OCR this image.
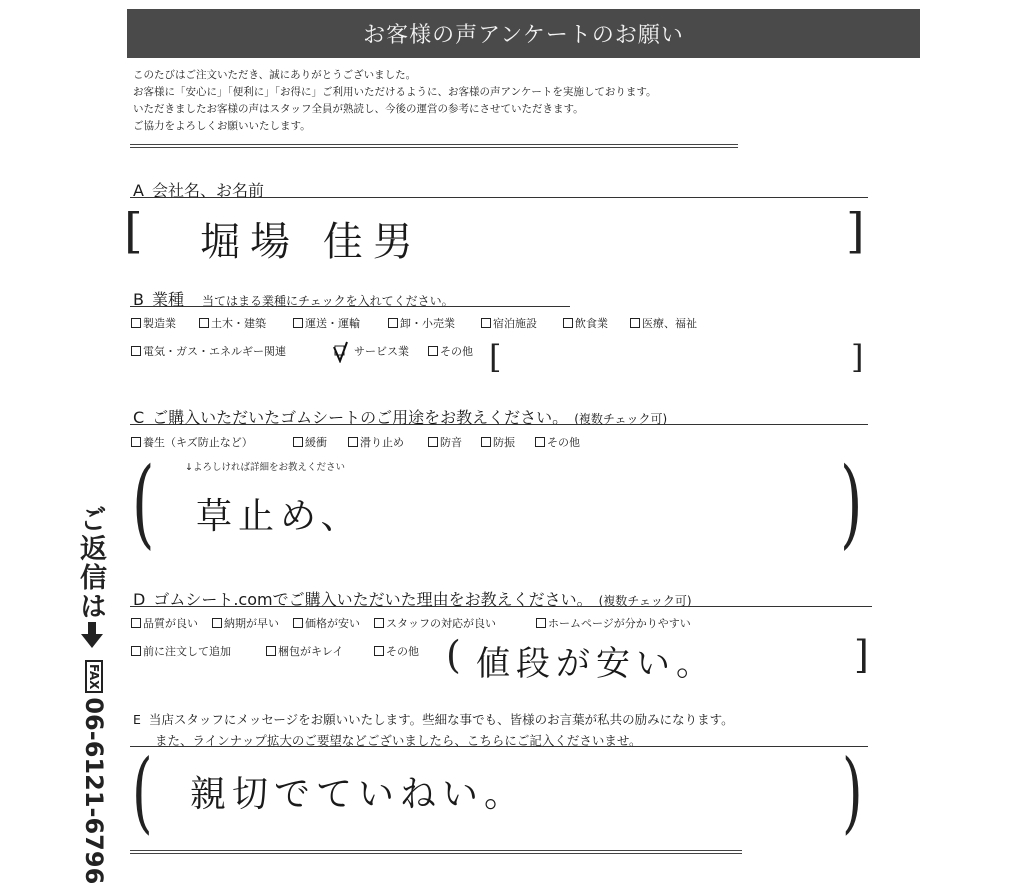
お客様の声アンケートのお願い
このたびはご注文いただき、誠にありがとうございました。
お客様に「安心に」「便利に」「お得に」ご利用いただけるように、お客様の声アンケートを実施しております。
いただきましたお客様の声はスタッフ全員が熟読し、今後の運営の参考にさせていただきます。
ご協力をよろしくお願いいたします。
A 会社名、お名前
[	]
堀場 佳男
B 業種 当てはまる業種にチェックを入れてください。
製造業	土木・建築	運送・運輸	卸・小売業	宿泊施設	飲食業	医療、福祉
電気・ガス・エネルギー関連	サービス業	その他 [	]
C ご購入いただいたゴムシートのご用途をお教えください。 (複数チェック可)
養生（キズ防止など）	緩衝	滑り止め	防音	防振	その他
↓よろしければ詳細をお教えください
(	)
草止め、
D ゴムシート.comでご購入いただいた理由をお教えください。 (複数チェック可)
品質が良い	納期が早い	価格が安い	スタッフの対応が良い	ホームページが分かりやすい
前に注文して追加	梱包がキレイ	その他 (	]
値段が安い。
E 当店スタッフにメッセージをお願いいたします。些細な事でも、皆様のお言葉が私共の励みになります。
また、ラインナップ拡大のご要望などございましたら、こちらにご記入くださいませ。
(	)
親切でていねい。
ご返信は
FAX06-6121-6796
